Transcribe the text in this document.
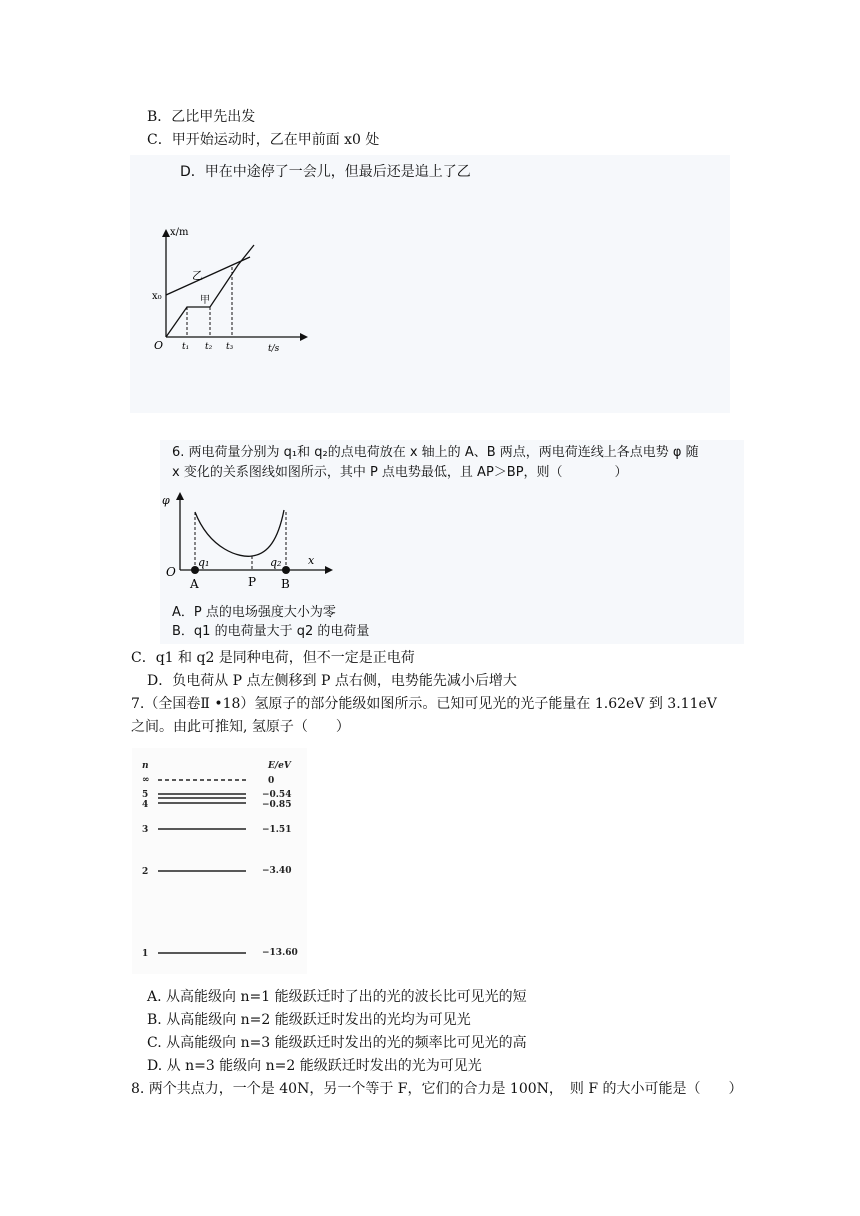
B．乙比甲先出发
C．甲开始运动时，乙在甲前面 x0 处
D．甲在中途停了一会儿，但最后还是追上了乙
x/m
t/s
O
x₀
乙
甲
t₁ t₂ t₃
6. 两电荷量分别为 q₁和 q₂的点电荷放在 x 轴上的 A、B 两点，两电荷连线上各点电势 φ 随
x 变化的关系图线如图所示，其中 P 点电势最低，且 AP＞BP，则（　　　　）
φ
x
O
q₁	q₂
A	P B
A．P 点的电场强度大小为零
B．q1 的电荷量大于 q2 的电荷量
C．q1 和 q2 是同种电荷，但不一定是正电荷
D．负电荷从 P 点左侧移到 P 点右侧，电势能先减小后增大
7.（全国卷Ⅱ •18）氢原子的部分能级如图所示。已知可见光的光子能量在 1.62eV 到 3.11eV
之间。由此可推知, 氢原子（　　）
n	E/eV
∞	0
5	−0.54
4	−0.85
3	−1.51
2	−3.40
1	−13.60
A. 从高能级向 n=1 能级跃迁时了出的光的波长比可见光的短
B. 从高能级向 n=2 能级跃迁时发出的光均为可见光
C. 从高能级向 n=3 能级跃迁时发出的光的频率比可见光的高
D. 从 n=3 能级向 n=2 能级跃迁时发出的光为可见光
8. 两个共点力，一个是 40N，另一个等于 F，它们的合力是 100N，　则 F 的大小可能是（　　）
